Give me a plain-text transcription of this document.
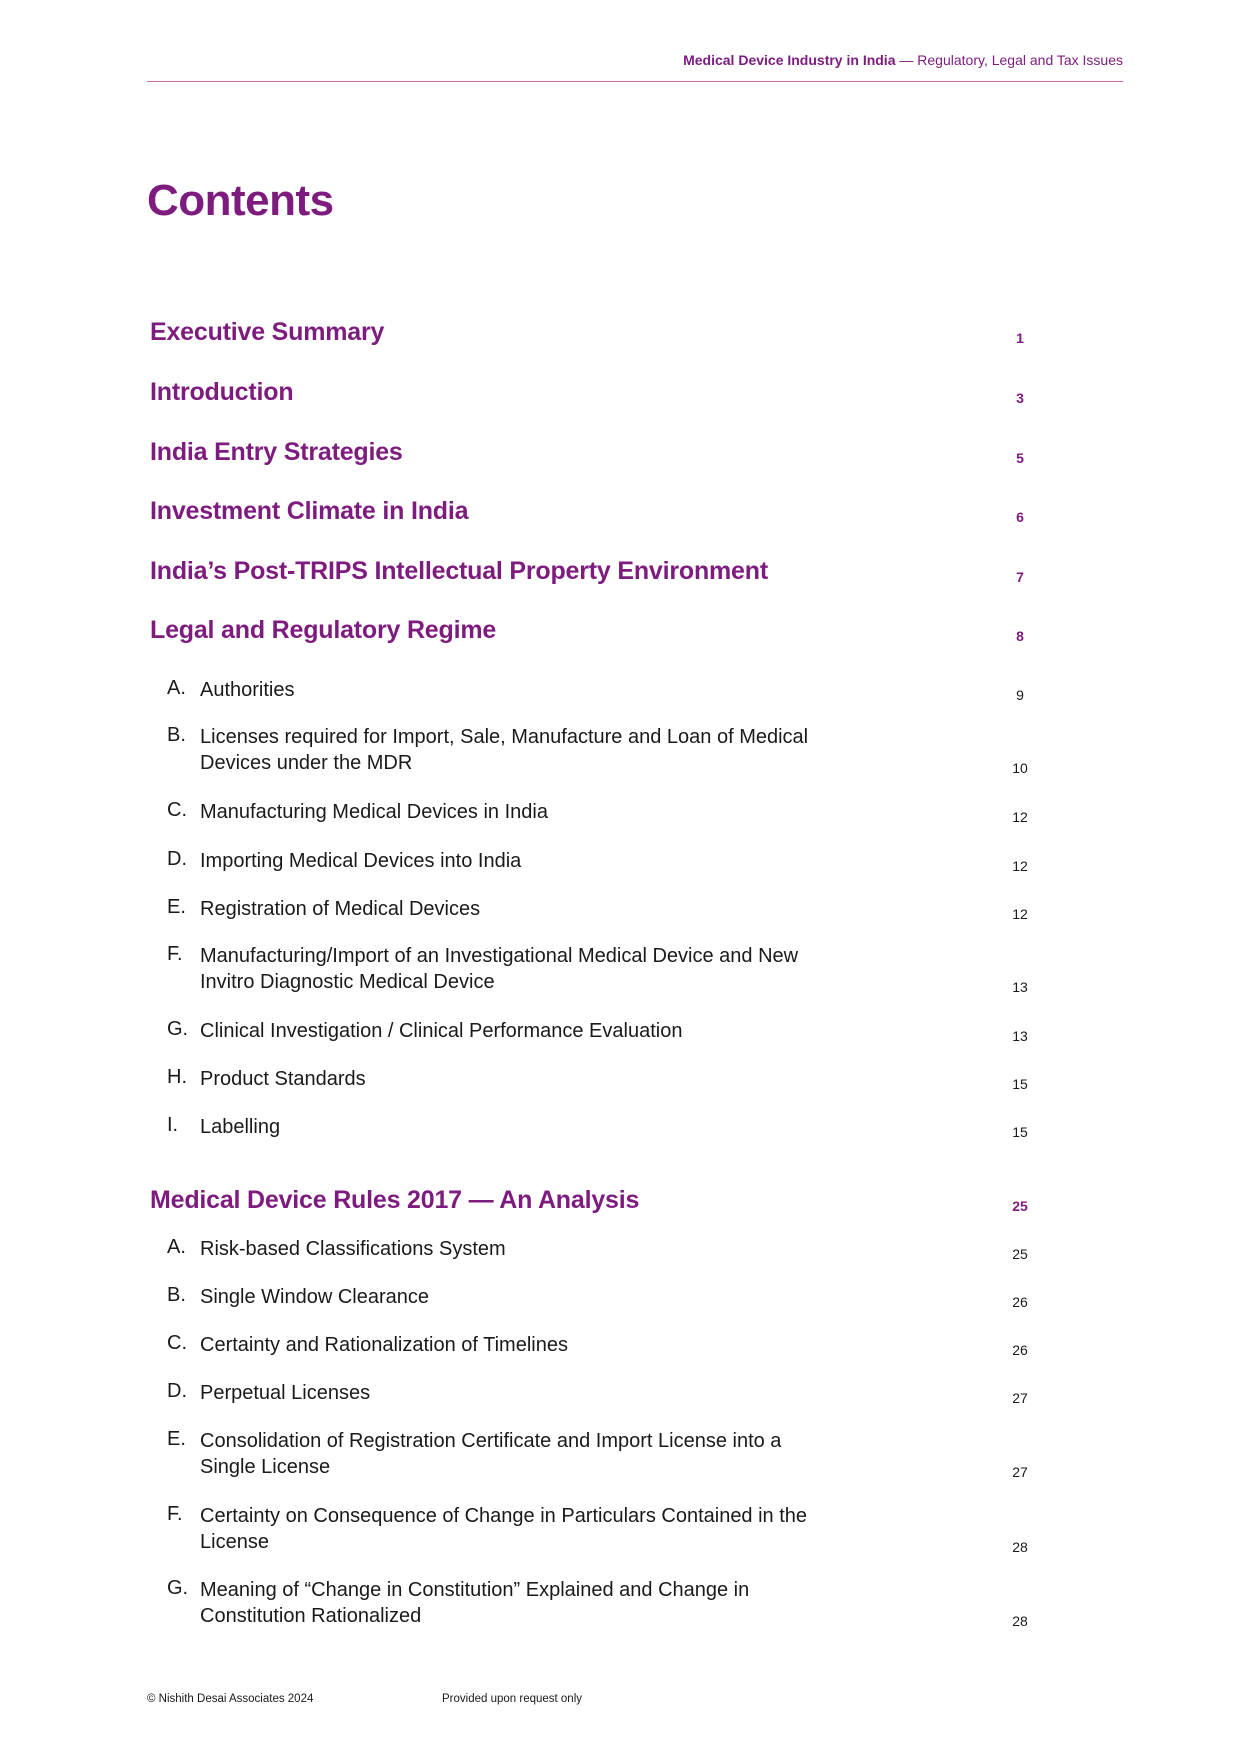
Medical Device Industry in India — Regulatory, Legal and Tax Issues
Contents
Executive Summary	1
Introduction	3
India Entry Strategies	5
Investment Climate in India	6
India’s Post-TRIPS Intellectual Property Environment	7
Legal and Regulatory Regime	8
A. Authorities	9
B. Licenses required for Import, Sale, Manufacture and Loan of Medical Devices under the MDR	10
C. Manufacturing Medical Devices in India	12
D. Importing Medical Devices into India	12
E. Registration of Medical Devices	12
F. Manufacturing/Import of an Investigational Medical Device and New Invitro Diagnostic Medical Device	13
G. Clinical Investigation / Clinical Performance Evaluation	13
H. Product Standards	15
I. Labelling	15
Medical Device Rules 2017 — An Analysis	25
A. Risk-based Classifications System	25
B. Single Window Clearance	26
C. Certainty and Rationalization of Timelines	26
D. Perpetual Licenses	27
E. Consolidation of Registration Certificate and Import License into a Single License	27
F. Certainty on Consequence of Change in Particulars Contained in the License	28
G. Meaning of “Change in Constitution” Explained and Change in Constitution Rationalized	28
© Nishith Desai Associates 2024	Provided upon request only
